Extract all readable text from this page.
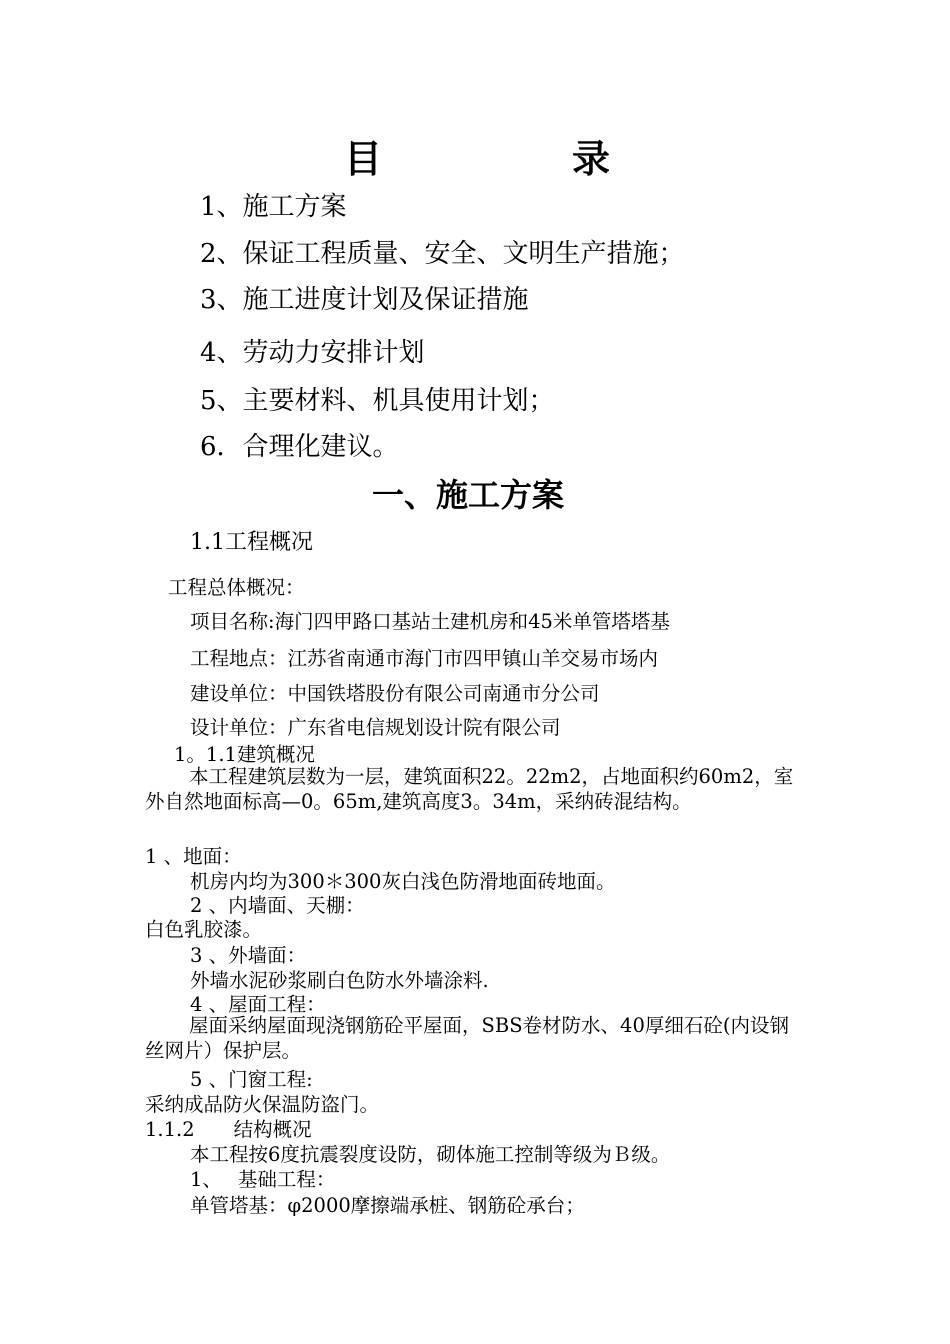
目	录
1、施工方案
2、保证工程质量、安全、文明生产措施；
3、施工进度计划及保证措施
4、劳动力安排计划
5、主要材料、机具使用计划；
6．合理化建议。
一、施工方案
1.1工程概况
工程总体概况：
项目名称:海门四甲路口基站土建机房和45米单管塔塔基
工程地点：江苏省南通市海门市四甲镇山羊交易市场内
建设单位：中国铁塔股份有限公司南通市分公司
设计单位：广东省电信规划设计院有限公司
1。1.1建筑概况
本工程建筑层数为一层，建筑面积22。22m2，占地面积约60m2，室外自然地面标高—0。65m,建筑高度3。34m，采纳砖混结构。
1 、地面：
机房内均为300＊300灰白浅色防滑地面砖地面。
2 、内墙面、天棚：
白色乳胶漆。
3 、外墙面：
外墙水泥砂浆刷白色防水外墙涂料.
4 、屋面工程：
屋面采纳屋面现浇钢筋砼平屋面，SBS卷材防水、40厚细石砼(内设钢丝网片）保护层。
5 、门窗工程:
采纳成品防火保温防盗门。
1.1.2　　结构概况
本工程按6度抗震裂度设防，砌体施工控制等级为Ｂ级。
1、　 基础工程：
单管塔基：φ2000摩擦端承桩、钢筋砼承台；
